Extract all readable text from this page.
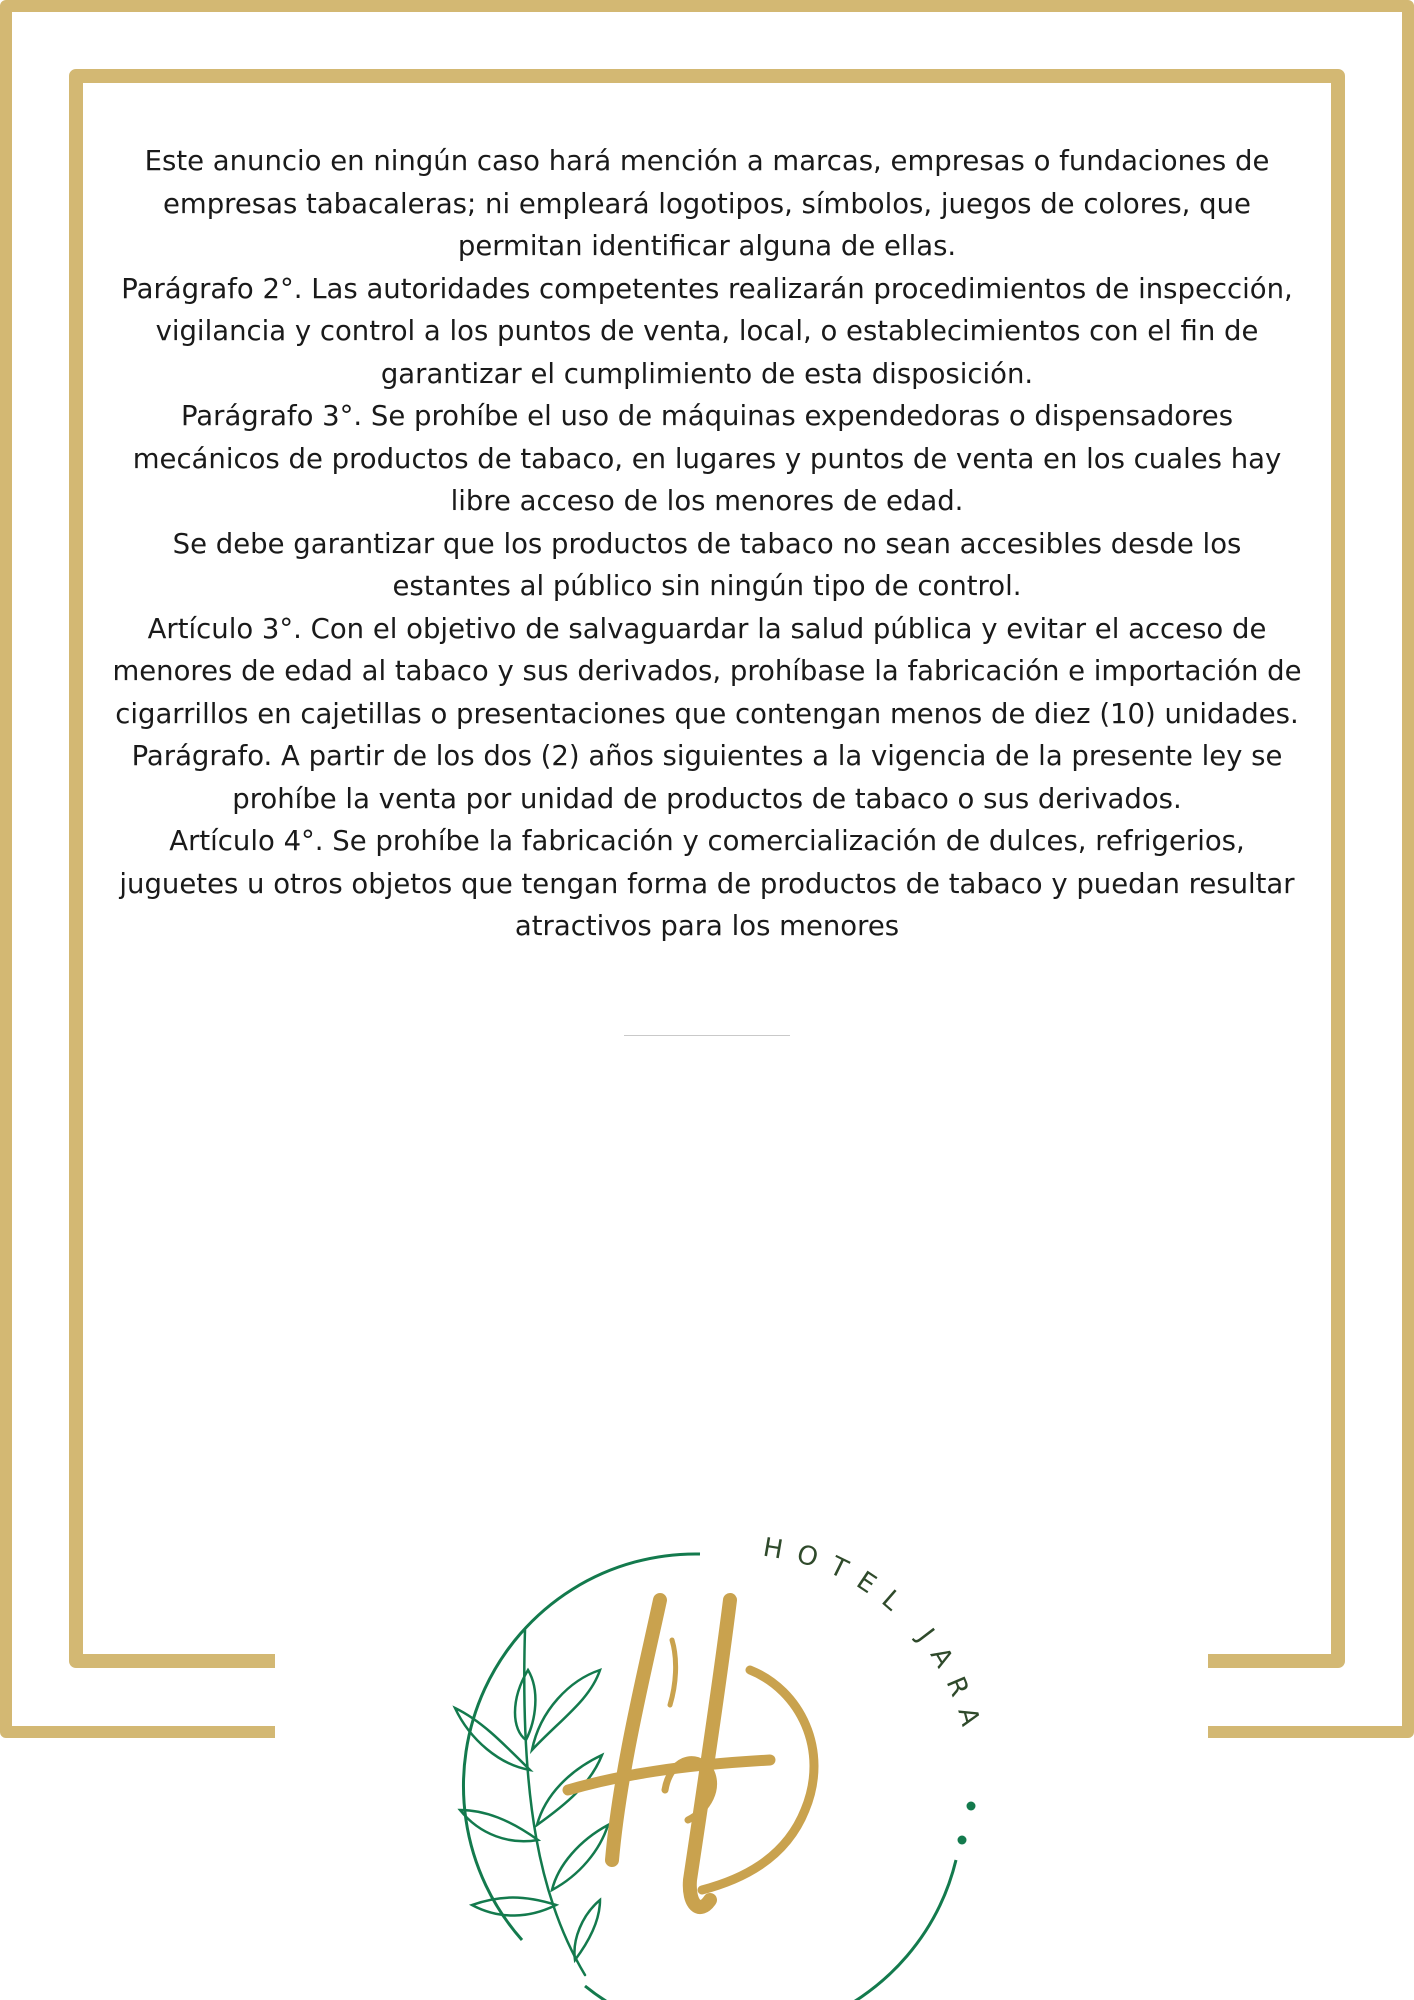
Este anuncio en ningún caso hará mención a marcas, empresas o fundaciones de empresas tabacaleras; ni empleará logotipos, símbolos, juegos de colores, que permitan identificar alguna de ellas.

Parágrafo 2°. Las autoridades competentes realizarán procedimientos de inspección, vigilancia y control a los puntos de venta, local, o establecimientos con el fin de garantizar el cumplimiento de esta disposición.

Parágrafo 3°. Se prohíbe el uso de máquinas expendedoras o dispensadores mecánicos de productos de tabaco, en lugares y puntos de venta en los cuales hay libre acceso de los menores de edad.

Se debe garantizar que los productos de tabaco no sean accesibles desde los estantes al público sin ningún tipo de control.

Artículo 3°. Con el objetivo de salvaguardar la salud pública y evitar el acceso de menores de edad al tabaco y sus derivados, prohíbase la fabricación e importación de cigarrillos en cajetillas o presentaciones que contengan menos de diez (10) unidades.

Parágrafo. A partir de los dos (2) años siguientes a la vigencia de la presente ley se prohíbe la venta por unidad de productos de tabaco o sus derivados.

Artículo 4°. Se prohíbe la fabricación y comercialización de dulces, refrigerios, juguetes u otros objetos que tengan forma de productos de tabaco y puedan resultar atractivos para los menores

HOTEL JARA
